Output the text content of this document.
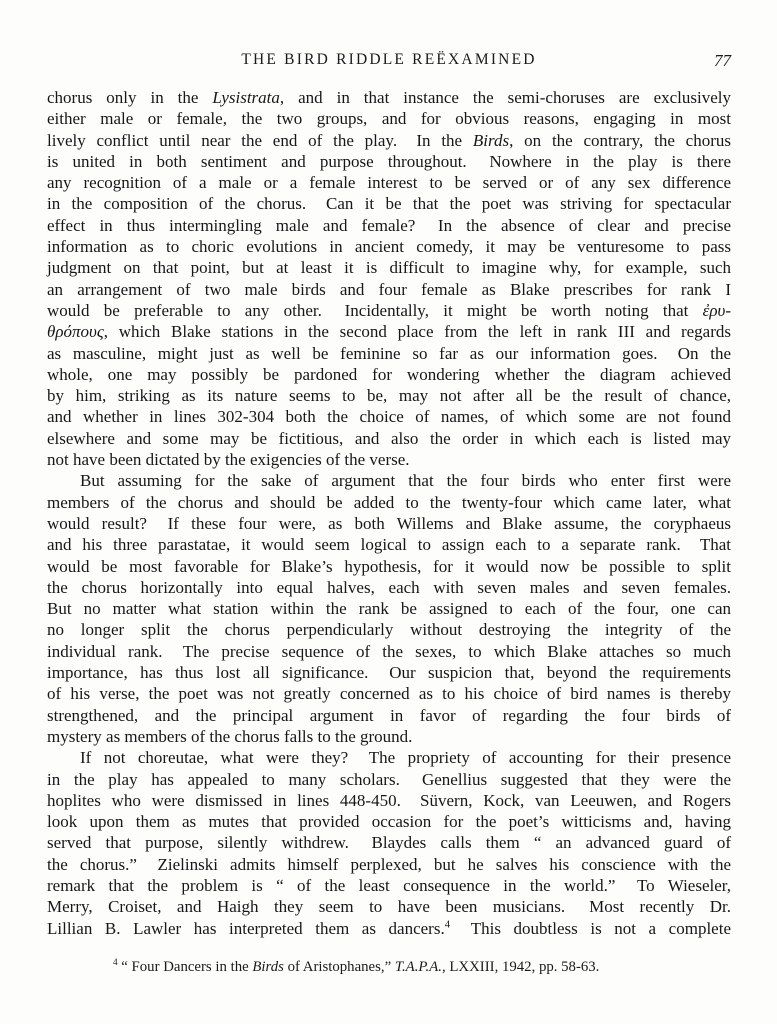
THE BIRD RIDDLE REËXAMINED	77
chorus only in the Lysistrata, and in that instance the semi-choruses are exclusively
either male or female, the two groups, and for obvious reasons, engaging in most
lively conflict until near the end of the play.  In the Birds, on the contrary, the chorus
is united in both sentiment and purpose throughout.  Nowhere in the play is there
any recognition of a male or a female interest to be served or of any sex difference
in the composition of the chorus.  Can it be that the poet was striving for spectacular
effect in thus intermingling male and female?  In the absence of clear and precise
information as to choric evolutions in ancient comedy, it may be venturesome to pass
judgment on that point, but at least it is difficult to imagine why, for example, such
an arrangement of two male birds and four female as Blake prescribes for rank I
would be preferable to any other.  Incidentally, it might be worth noting that ἐρυ-
θρόπους, which Blake stations in the second place from the left in rank III and regards
as masculine, might just as well be feminine so far as our information goes.  On the
whole, one may possibly be pardoned for wondering whether the diagram achieved
by him, striking as its nature seems to be, may not after all be the result of chance,
and whether in lines 302-304 both the choice of names, of which some are not found
elsewhere and some may be fictitious, and also the order in which each is listed may
not have been dictated by the exigencies of the verse.
But assuming for the sake of argument that the four birds who enter first were
members of the chorus and should be added to the twenty-four which came later, what
would result?  If these four were, as both Willems and Blake assume, the coryphaeus
and his three parastatae, it would seem logical to assign each to a separate rank.  That
would be most favorable for Blake’s hypothesis, for it would now be possible to split
the chorus horizontally into equal halves, each with seven males and seven females.
But no matter what station within the rank be assigned to each of the four, one can
no longer split the chorus perpendicularly without destroying the integrity of the
individual rank.  The precise sequence of the sexes, to which Blake attaches so much
importance, has thus lost all significance.  Our suspicion that, beyond the requirements
of his verse, the poet was not greatly concerned as to his choice of bird names is thereby
strengthened, and the principal argument in favor of regarding the four birds of
mystery as members of the chorus falls to the ground.
If not choreutae, what were they?  The propriety of accounting for their presence
in the play has appealed to many scholars.  Genellius suggested that they were the
hoplites who were dismissed in lines 448-450.  Süvern, Kock, van Leeuwen, and Rogers
look upon them as mutes that provided occasion for the poet’s witticisms and, having
served that purpose, silently withdrew.  Blaydes calls them “ an advanced guard of
the chorus.”  Zielinski admits himself perplexed, but he salves his conscience with the
remark that the problem is “ of the least consequence in the world.”  To Wieseler,
Merry, Croiset, and Haigh they seem to have been musicians.  Most recently Dr.
Lillian B. Lawler has interpreted them as dancers.$^4$  This doubtless is not a complete
$^4$ “ Four Dancers in the Birds of Aristophanes,” T.A.P.A., LXXIII, 1942, pp. 58-63.
